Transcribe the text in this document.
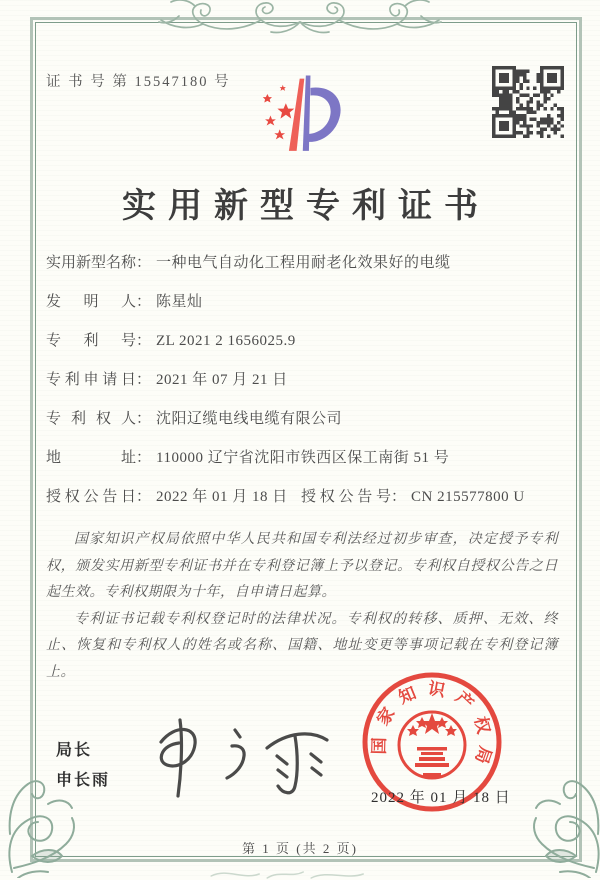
证 书 号 第 15547180 号
实用新型专利证书
实用新型名称： 一种电气自动化工程用耐老化效果好的电缆
发明人： 陈星灿
专利号： ZL 2021 2 1656025.9
专利申请日： 2021 年 07 月 21 日
专利权人： 沈阳辽缆电线电缆有限公司
地址： 110000 辽宁省沈阳市铁西区保工南街 51 号
授权公告日： 2022 年 01 月 18 日 授权公告号： CN 215577800 U

国家知识产权局依照中华人民共和国专利法经过初步审查，决定授予专利权，颁发实用新型专利证书并在专利登记簿上予以登记。专利权自授权公告之日起生效。专利权期限为十年，自申请日起算。

专利证书记载专利权登记时的法律状况。专利权的转移、质押、无效、终止、恢复和专利权人的姓名或名称、国籍、地址变更等事项记载在专利登记簿上。

局长
申长雨
国家知识产权局
2022 年 01 月 18 日
第 1 页 (共 2 页)
